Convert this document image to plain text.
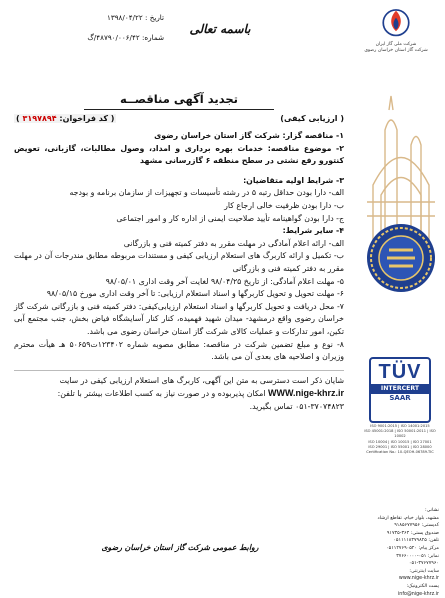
تاریخ : ۱۳۹۸/۰۴/۲۲
شماره: ۴۸۷۹۰/۰۰۶/۴۲/گ
باسمه تعالی
شرکت ملی گاز ایران
شرکت گاز استان خراسان رضوی
TÜV
INTERCERT
SAAR
ISO 9001:2015 | ISO 14001:2015
ISO 45001:2018 | ISO 50001:2011 | ISO 10002
ISO 10004 | ISO 10015 | ISO 27001
ISO 29001 | ISO 55001 | ISO 28000
Certification No.: 10-QEOH-06789-TIC
نشانی:
مشهد، بلوار خیام، تقاطع ارشاد
کدپستی: ۹۱۸۵۶۷۷۹۵۶
صندوق پستی: ۳۶۴-۹۱۷۳۵
تلفن: ۰۵۱۱۱۱۸۳۷۹۸۲۵
مرکز پیام: ۰۵۱۱۲۷۶۹۰۵۲۰
نمابر: ۰۵۱-۳۷۶۶۰۰۰۰
۰۵۱-۳۷۶۷۷۹۶۰
سایت اینترنتی:
www.nige-khrz.ir
پست الکترونیک:
info@nige-khrz.ir
تجدید آگهی مناقصــه
( ارزیابی کیفی)
( کد فراخوان: ۳۱۹۷۸۹۴ )
۱- مناقصه گزار: شرکت گاز استان خراسان رضوی
۲- موضوع مناقصه: خدمات بهره برداری و امداد، وصول مطالبات، گازبانی، تعویض کنتورو رفع نشتی در سطح منطقه ۶ گازرسانی مشهد
۳- شرایط اولیه متقاضیان:
الف- دارا بودن حداقل رتبه ۵ در رشته تأسیسات و تجهیزات از سازمان برنامه و بودجه
ب- دارا بودن ظرفیت خالی ارجاع کار
ج- دارا بودن گواهینامه تأیید صلاحیت ایمنی از اداره کار و امور اجتماعی
۴- سایر شرایط:
الف- ارائه اعلام آمادگی در مهلت مقرر به دفتر کمیته فنی و بازرگانی
ب- تکمیل و ارائه کاربرگ های استعلام ارزیابی کیفی و مستندات مربوطه مطابق مندرجات آن در مهلت مقرر به دفتر کمیته فنی و بازرگانی
۵- مهلت اعلام آمادگی: از تاریخ ۹۸/۰۴/۲۵ لغایت آخر وقت اداری ۹۸/۰۵/۰۱
۶- مهلت تحویل و تحویل کاربرگها و اسناد استعلام ارزیابی: تا آخر وقت اداری مورخ ۹۸/۰۵/۱۵
۷- محل دریافت و تحویل کاربرگها و اسناد استعلام ارزیابی‌کیفی: دفتر کمیته فنی و بازرگانی شرکت گاز خراسان رضوی واقع درمشهد- میدان شهید فهمیده، کنار کنار آسایشگاه فیاض بخش، جنب مجتمع آبی تکین، امور تدارکات و عملیات کالای شرکت گاز استان خراسان رضوی می باشد.
۸- نوع و مبلغ تضمین شرکت در مناقصه: مطابق مصوبه شماره ۱۲۳۴۰۲ت۵۰۶۵۹ هـ هیأت محترم وزیران و اصلاحیه های بعدی آن می باشد.
شایان ذکر است دسترسی به متن این آگهی، کاربرگ های استعلام ارزیابی کیفی در سایت WWW.nige-khrz.ir امکان پذیربوده و در صورت نیاز به کسب اطلاعات بیشتر با تلفن: ۳۷۰۷۴۸۲۳-۰۵۱ تماس بگیرید.
روابط عمومی شرکت گاز استان خراسان رضوی
